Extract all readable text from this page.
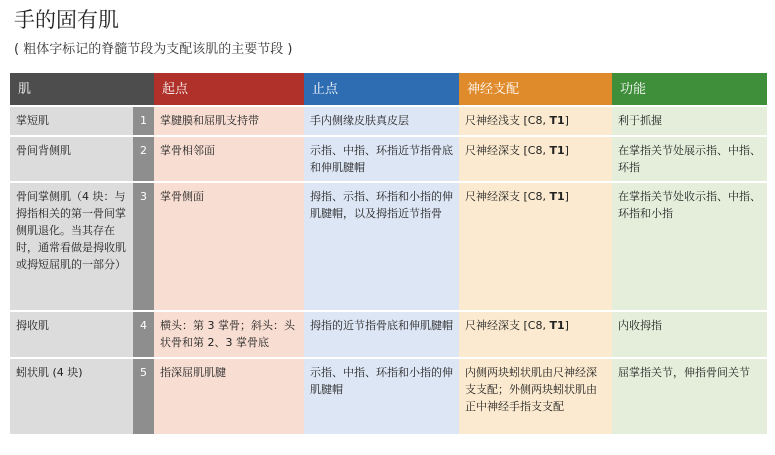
手的固有肌
( 粗体字标记的脊髓节段为支配该肌的主要节段 )
肌		起点	止点	神经支配	功能
掌短肌	1	掌腱膜和屈肌支持带	手内侧缘皮肤真皮层	尺神经浅支 [C8, T1]	利于抓握
骨间背侧肌	2	掌骨相邻面	示指、中指、环指近节指骨底和伸肌腱帽	尺神经深支 [C8, T1]	在掌指关节处展示指、中指、环指
骨间掌侧肌（4 块：与拇指相关的第一骨间掌侧肌退化。当其存在时，通常看做是拇收肌或拇短屈肌的一部分）	3	掌骨侧面	拇指、示指、环指和小指的伸肌腱帽，以及拇指近节指骨	尺神经深支 [C8, T1]	在掌指关节处收示指、中指、环指和小指
拇收肌	4	横头：第 3 掌骨；斜头：头状骨和第 2、3 掌骨底	拇指的近节指骨底和伸肌腱帽	尺神经深支 [C8, T1]	内收拇指
蚓状肌 (4 块)	5	指深屈肌肌腱	示指、中指、环指和小指的伸肌腱帽	内侧两块蚓状肌由尺神经深支支配；外侧两块蚓状肌由正中神经手指支支配	屈掌指关节，伸指骨间关节
